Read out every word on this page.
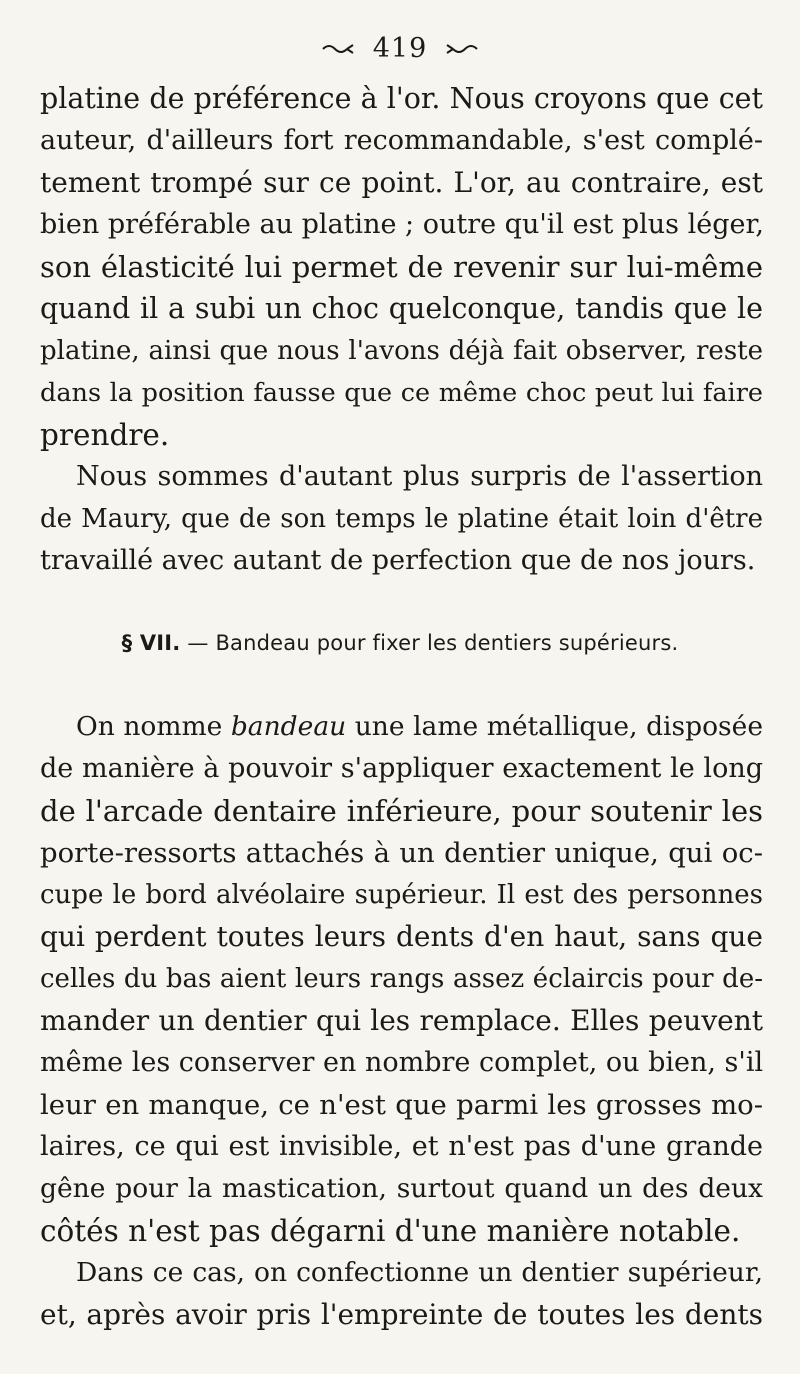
419
platine de préférence à l'or. Nous croyons que cet
auteur, d'ailleurs fort recommandable, s'est complé-
tement trompé sur ce point. L'or, au contraire, est
bien préférable au platine ; outre qu'il est plus léger,
son élasticité lui permet de revenir sur lui-même
quand il a subi un choc quelconque, tandis que le
platine, ainsi que nous l'avons déjà fait observer, reste
dans la position fausse que ce même choc peut lui faire
prendre.
Nous sommes d'autant plus surpris de l'assertion
de Maury, que de son temps le platine était loin d'être
travaillé avec autant de perfection que de nos jours.
§ VII. — Bandeau pour fixer les dentiers supérieurs.
On nomme bandeau une lame métallique, disposée
de manière à pouvoir s'appliquer exactement le long
de l'arcade dentaire inférieure, pour soutenir les
porte-ressorts attachés à un dentier unique, qui oc-
cupe le bord alvéolaire supérieur. Il est des personnes
qui perdent toutes leurs dents d'en haut, sans que
celles du bas aient leurs rangs assez éclaircis pour de-
mander un dentier qui les remplace. Elles peuvent
même les conserver en nombre complet, ou bien, s'il
leur en manque, ce n'est que parmi les grosses mo-
laires, ce qui est invisible, et n'est pas d'une grande
gêne pour la mastication, surtout quand un des deux
côtés n'est pas dégarni d'une manière notable.
Dans ce cas, on confectionne un dentier supérieur,
et, après avoir pris l'empreinte de toutes les dents
